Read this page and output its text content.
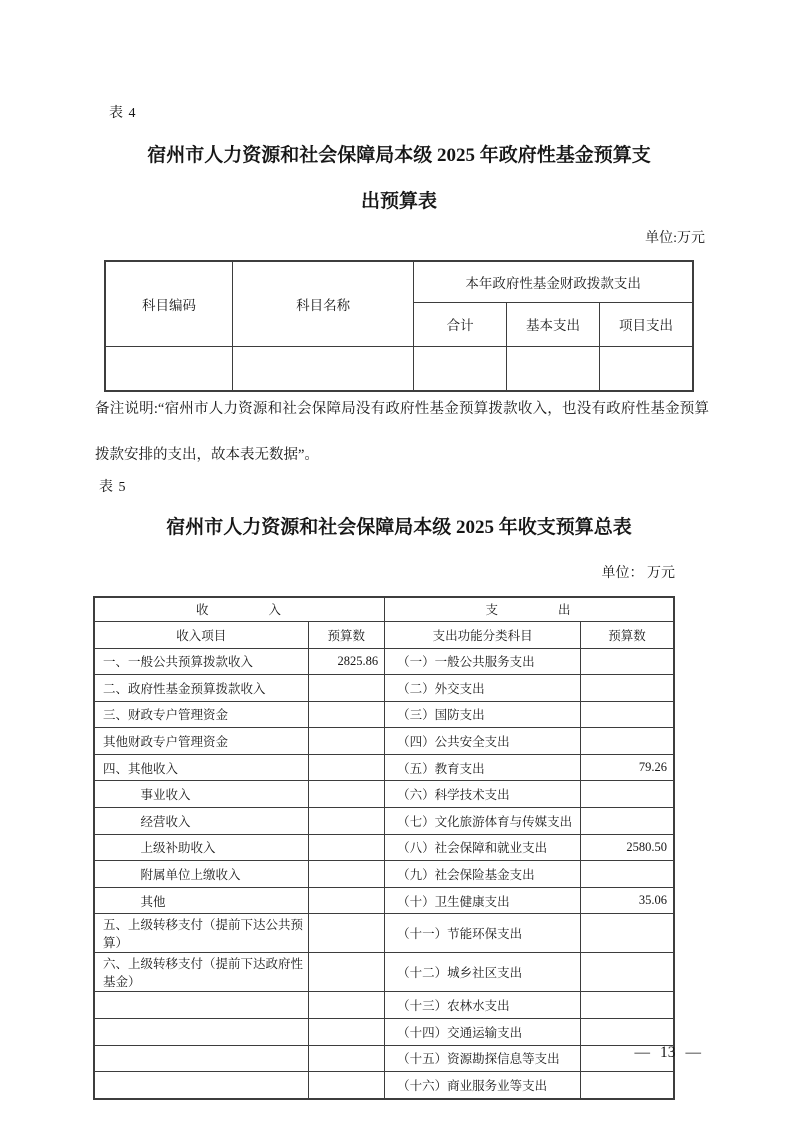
表 4
宿州市人力资源和社会保障局本级 2025 年政府性基金预算支
出预算表
单位:万元
科目编码	科目名称	本年政府性基金财政拨款支出		
		合计	基本支出	项目支出

备注说明:“宿州市人力资源和社会保障局没有政府性基金预算拨款收入，也没有政府性基金预算拨款安排的支出，故本表无数据”。
表 5
宿州市人力资源和社会保障局本级 2025 年收支预算总表
单位： 万元
收　　　　入		支　　　　出	
收入项目	预算数	支出功能分类科目	预算数
一、一般公共预算拨款收入	2825.86	（一）一般公共服务支出	
二、政府性基金预算拨款收入		（二）外交支出	
三、财政专户管理资金		（三）国防支出	
其他财政专户管理资金		（四）公共安全支出	
四、其他收入		（五）教育支出	79.26
　　　事业收入		（六）科学技术支出	
　　　经营收入		（七）文化旅游体育与传媒支出	
　　　上级补助收入		（八）社会保障和就业支出	2580.50
　　　附属单位上缴收入		（九）社会保险基金支出	
　　　其他		（十）卫生健康支出	35.06
五、上级转移支付（提前下达公共预算）		（十一）节能环保支出	
六、上级转移支付（提前下达政府性基金）		（十二）城乡社区支出	
		（十三）农林水支出	
		（十四）交通运输支出	
		（十五）资源勘探信息等支出	
		（十六）商业服务业等支出	
— 13 —
